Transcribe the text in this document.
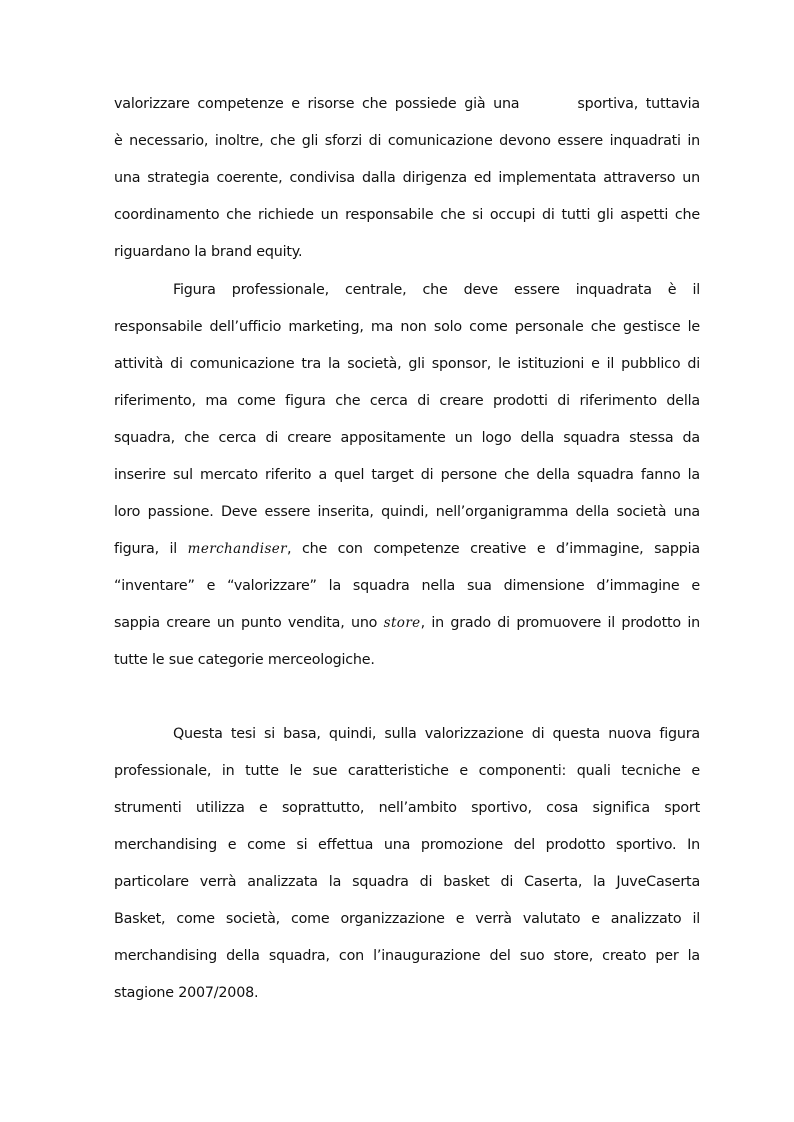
valorizzare competenze e risorse che possiede già una	sportiva, tuttavia
è necessario, inoltre, che gli sforzi di comunicazione devono essere inquadrati in
una strategia coerente, condivisa dalla dirigenza ed implementata attraverso un
coordinamento che richiede un responsabile che si occupi di tutti gli aspetti che
riguardano la brand equity.
Figura professionale, centrale, che deve essere inquadrata è il
responsabile dell’ufficio marketing, ma non solo come personale che gestisce le
attività di comunicazione tra la società, gli sponsor, le istituzioni e il pubblico di
riferimento, ma come figura che cerca di creare prodotti di riferimento della
squadra, che cerca di creare appositamente un logo della squadra stessa da
inserire sul mercato riferito a quel target di persone che della squadra fanno la
loro passione. Deve essere inserita, quindi, nell’organigramma della società una
figura, il merchandiser, che con competenze creative e d’immagine, sappia
“inventare” e “valorizzare” la squadra nella sua dimensione d’immagine e
sappia creare un punto vendita, uno store, in grado di promuovere il prodotto in
tutte le sue categorie merceologiche.
Questa tesi si basa, quindi, sulla valorizzazione di questa nuova figura
professionale, in tutte le sue caratteristiche e componenti: quali tecniche e
strumenti utilizza e soprattutto, nell’ambito sportivo, cosa significa sport
merchandising e come si effettua una promozione del prodotto sportivo. In
particolare verrà analizzata la squadra di basket di Caserta, la JuveCaserta
Basket, come società, come organizzazione e verrà valutato e analizzato il
merchandising della squadra, con l’inaugurazione del suo store, creato per la
stagione 2007/2008.
